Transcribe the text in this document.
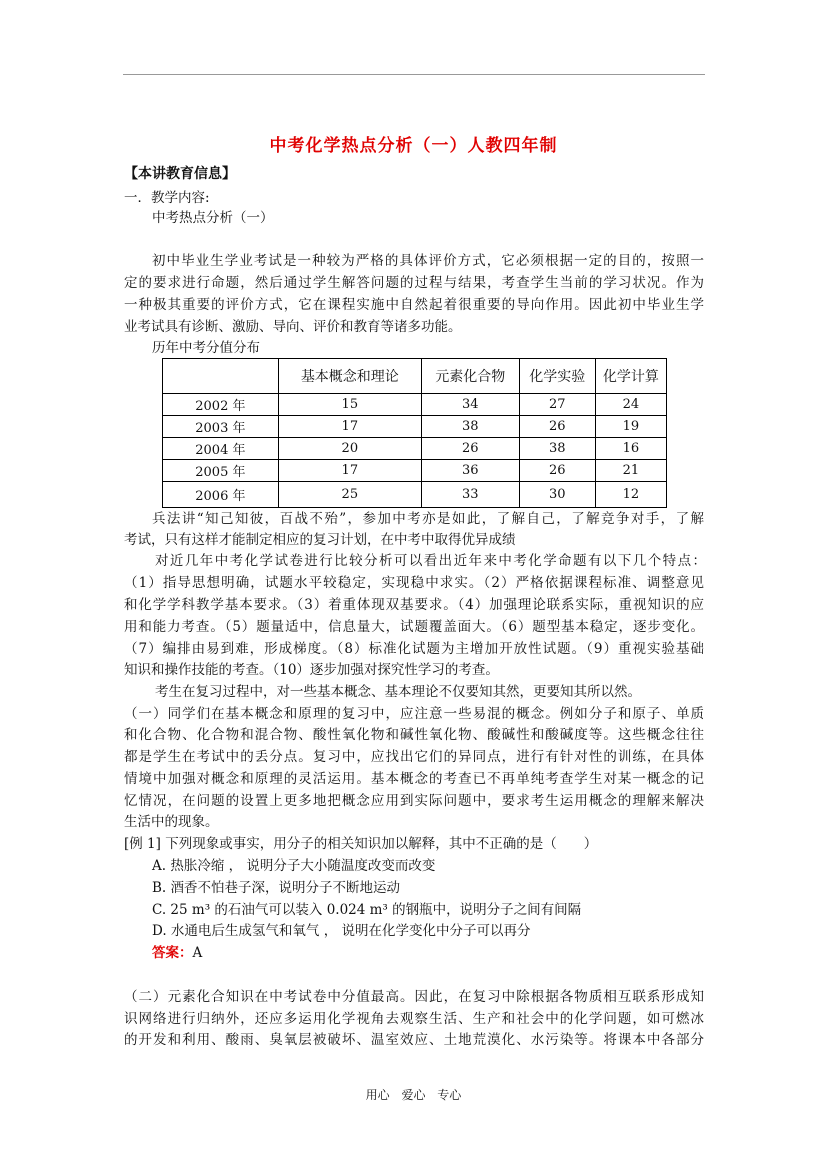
中考化学热点分析（一）人教四年制
【本讲教育信息】
一．教学内容:
中考热点分析（一）
初中毕业生学业考试是一种较为严格的具体评价方式，它必须根据一定的目的，按照一
定的要求进行命题，然后通过学生解答问题的过程与结果，考查学生当前的学习状况。作为
一种极其重要的评价方式，它在课程实施中自然起着很重要的导向作用。因此初中毕业生学
业考试具有诊断、激励、导向、评价和教育等诸多功能。
历年中考分值分布
	基本概念和理论	元素化合物	化学实验	化学计算
2002 年	15	34	27	24
2003 年	17	38	26	19
2004 年	20	26	38	16
2005 年	17	36	26	21
2006 年	25	33	30	12
兵法讲“知己知彼，百战不殆”，参加中考亦是如此，了解自己，了解竞争对手，了解
考试，只有这样才能制定相应的复习计划，在中考中取得优异成绩
对近几年中考化学试卷进行比较分析可以看出近年来中考化学命题有以下几个特点：
（1）指导思想明确，试题水平较稳定，实现稳中求实。（2）严格依据课程标准、调整意见
和化学学科教学基本要求。（3）着重体现双基要求。（4）加强理论联系实际，重视知识的应
用和能力考查。（5）题量适中，信息量大，试题覆盖面大。（6）题型基本稳定，逐步变化。
（7）编排由易到难，形成梯度。（8）标准化试题为主增加开放性试题。（9）重视实验基础
知识和操作技能的考查。（10）逐步加强对探究性学习的考查。
考生在复习过程中，对一些基本概念、基本理论不仅要知其然，更要知其所以然。
（一）同学们在基本概念和原理的复习中，应注意一些易混的概念。例如分子和原子、单质
和化合物、化合物和混合物、酸性氧化物和碱性氧化物、酸碱性和酸碱度等。这些概念往往
都是学生在考试中的丢分点。复习中，应找出它们的异同点，进行有针对性的训练，在具体
情境中加强对概念和原理的灵活运用。基本概念的考查已不再单纯考查学生对某一概念的记
忆情况，在问题的设置上更多地把概念应用到实际问题中，要求考生运用概念的理解来解决
生活中的现象。
[例 1] 下列现象或事实，用分子的相关知识加以解释，其中不正确的是（　　）
A. 热胀冷缩 ， 说明分子大小随温度改变而改变
B. 酒香不怕巷子深，说明分子不断地运动
C. 25 m³ 的石油气可以装入 0.024 m³ 的钢瓶中，说明分子之间有间隔
D. 水通电后生成氢气和氧气 ， 说明在化学变化中分子可以再分
答案：A
（二）元素化合知识在中考试卷中分值最高。因此，在复习中除根据各物质相互联系形成知
识网络进行归纳外，还应多运用化学视角去观察生活、生产和社会中的化学问题，如可燃冰
的开发和利用、酸雨、臭氧层被破坏、温室效应、土地荒漠化、水污染等。将课本中各部分
用心 爱心 专心
